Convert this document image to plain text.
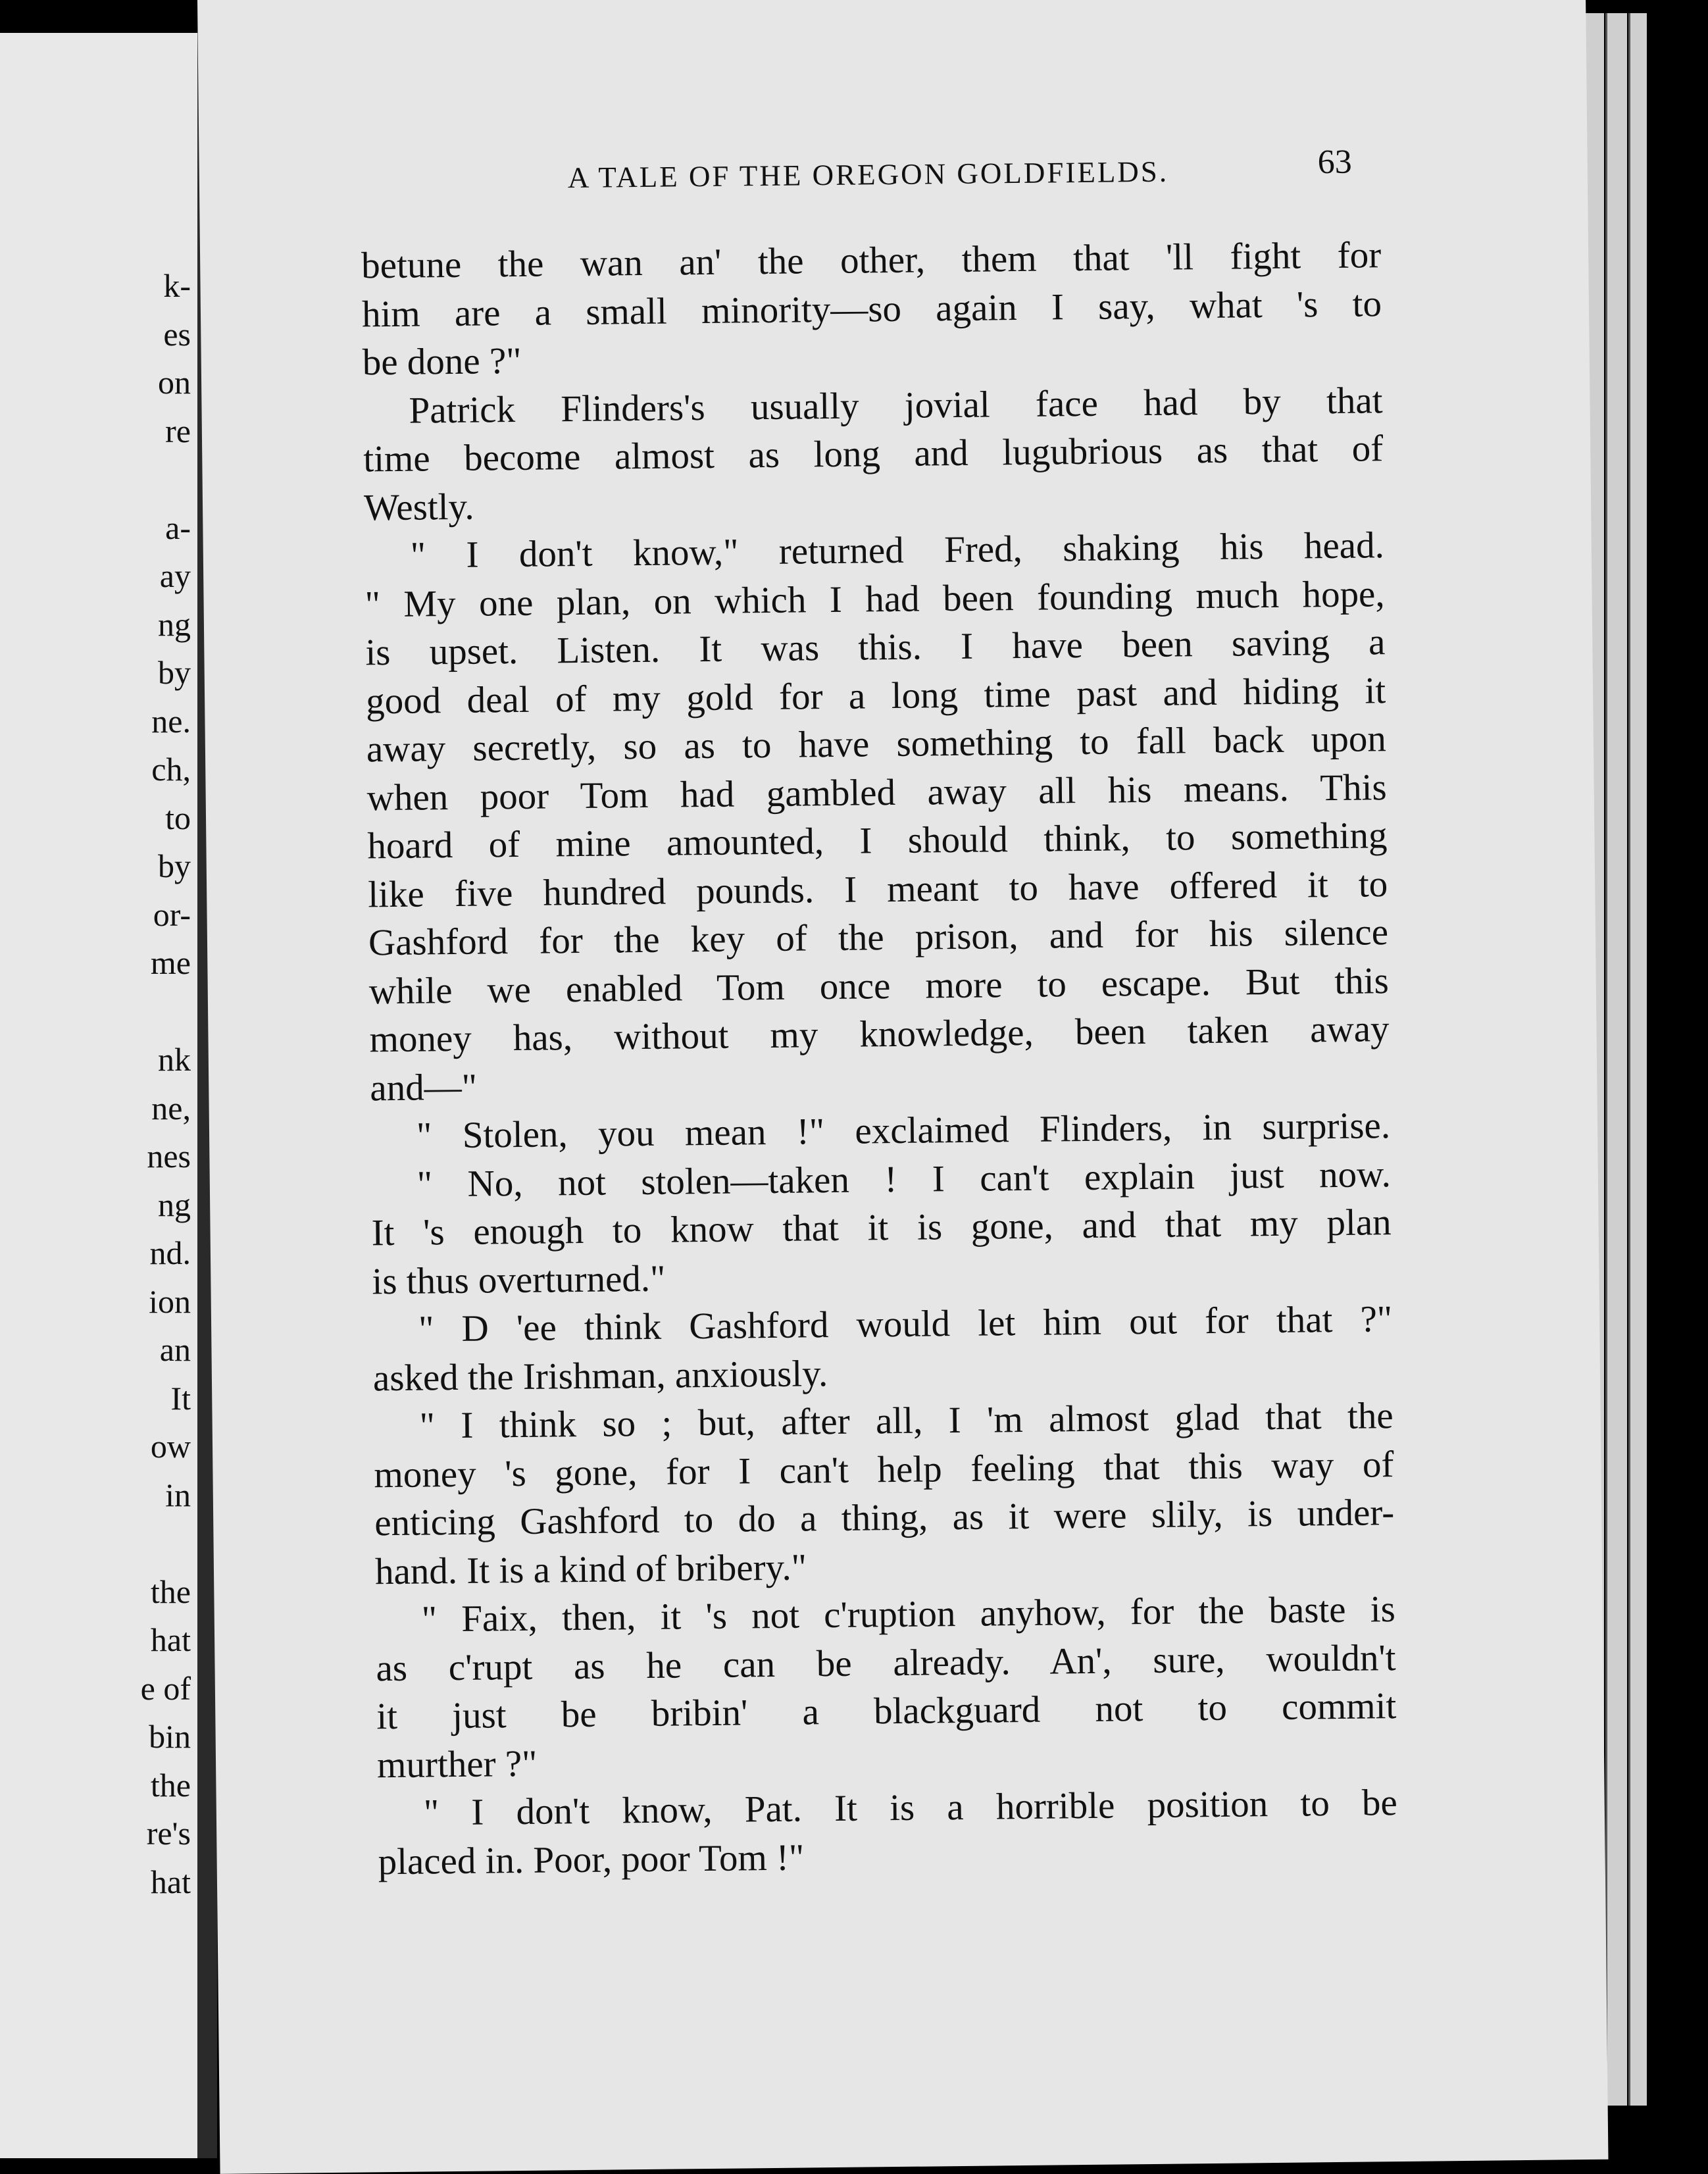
k-
es
on
re
a-
ay
ng
by
ne.
ch,
to
by
or-
me
nk
ne,
nes
ng
nd.
ion
an
It
ow
in
the
hat
e of
bin
the
re's
hat
A TALE OF THE OREGON GOLDFIELDS.	63
betune the wan an' the other, them that 'll fight for
him are a small minority—so again I say, what 's to
be done ?"
Patrick Flinders's usually jovial face had by that
time become almost as long and lugubrious as that of
Westly.
" I don't know," returned Fred, shaking his head.
" My one plan, on which I had been founding much hope,
is upset. Listen. It was this. I have been saving a
good deal of my gold for a long time past and hiding it
away secretly, so as to have something to fall back upon
when poor Tom had gambled away all his means. This
hoard of mine amounted, I should think, to something
like five hundred pounds. I meant to have offered it to
Gashford for the key of the prison, and for his silence
while we enabled Tom once more to escape. But this
money has, without my knowledge, been taken away
and—"
" Stolen, you mean !" exclaimed Flinders, in surprise.
" No, not stolen—taken ! I can't explain just now.
It 's enough to know that it is gone, and that my plan
is thus overturned."
" D 'ee think Gashford would let him out for that ?"
asked the Irishman, anxiously.
" I think so ; but, after all, I 'm almost glad that the
money 's gone, for I can't help feeling that this way of
enticing Gashford to do a thing, as it were slily, is under-
hand. It is a kind of bribery."
" Faix, then, it 's not c'ruption anyhow, for the baste is
as c'rupt as he can be already. An', sure, wouldn't
it just be bribin' a blackguard not to commit
murther ?"
" I don't know, Pat. It is a horrible position to be
placed in. Poor, poor Tom !"
